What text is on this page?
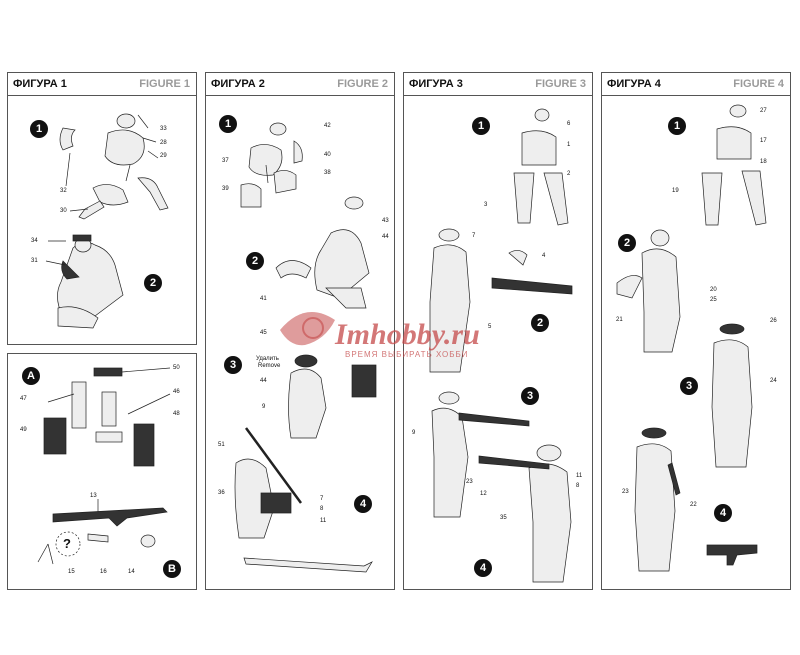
ФИГУРА 1	FIGURE 1
1
2
33
28
29
32
30
34
31
A
B
?
50
47
46
48
49
13
15	16	14
ФИГУРА 2	FIGURE 2
1
2
3
4
42
37
40
39
38
43
44
41
45
Удалить
Remove
44
9
51
36
7
8
11
ФИГУРА 3	FIGURE 3
1
2
3
4
6
1
2
3
7
4
5
9
23
12
11
8
35
ФИГУРА 4	FIGURE 4
1
2
3
4
27
17
18
19
20
25
21	26
24
23
22
Imhobby.ru
ВРЕМЯ ВЫБИРАТЬ ХОББИ
